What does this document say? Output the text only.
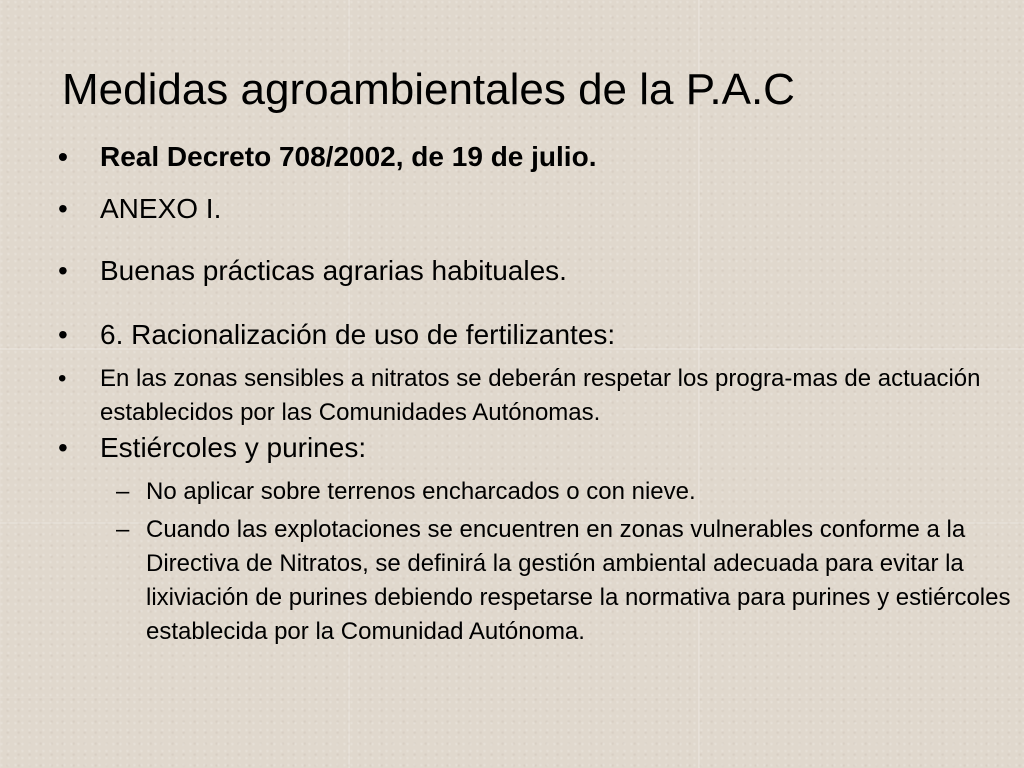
Medidas agroambientales de la P.A.C
• Real Decreto 708/2002, de 19 de julio.
• ANEXO I.
• Buenas prácticas agrarias habituales.
• 6. Racionalización de uso de fertilizantes:
• En las zonas sensibles a nitratos se deberán respetar los progra-mas de actuación establecidos por las Comunidades Autónomas.
• Estiércoles y purines:
– No aplicar sobre terrenos encharcados o con nieve.
– Cuando las explotaciones se encuentren en zonas vulnerables conforme a la Directiva de Nitratos, se definirá la gestión ambiental adecuada para evitar la lixiviación de purines debiendo respetarse la normativa para purines y estiércoles establecida por la Comunidad Autónoma.
